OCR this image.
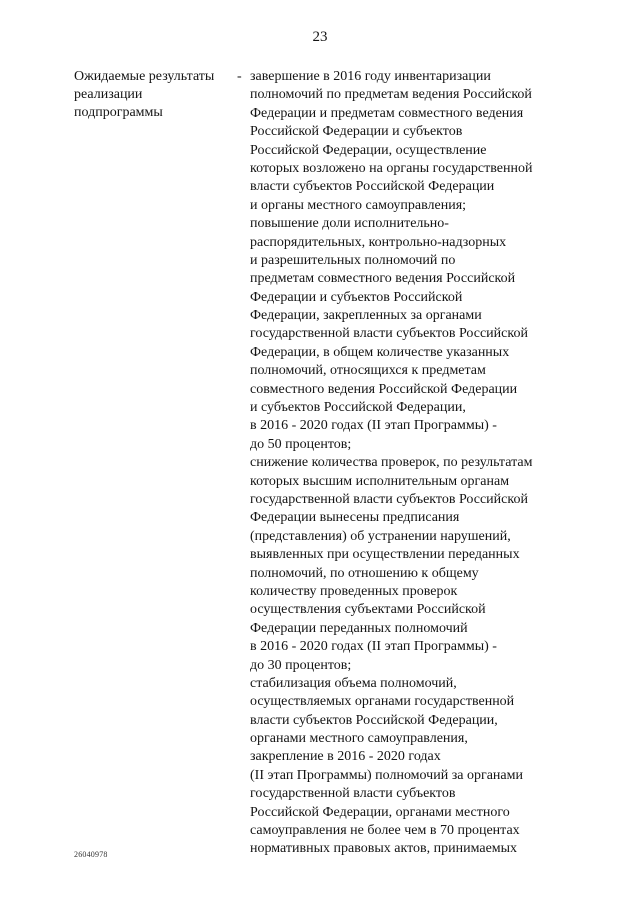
23
Ожидаемые результаты
реализации
подпрограммы
- завершение в 2016 году инвентаризации
полномочий по предметам ведения Российской
Федерации и предметам совместного ведения
Российской Федерации и субъектов
Российской Федерации, осуществление
которых возложено на органы государственной
власти субъектов Российской Федерации
и органы местного самоуправления;
повышение доли исполнительно-
распорядительных, контрольно-надзорных
и разрешительных полномочий по
предметам совместного ведения Российской
Федерации и субъектов Российской
Федерации, закрепленных за органами
государственной власти субъектов Российской
Федерации, в общем количестве указанных
полномочий, относящихся к предметам
совместного ведения Российской Федерации
и субъектов Российской Федерации,
в 2016 - 2020 годах (II этап Программы) -
до 50 процентов;
снижение количества проверок, по результатам
которых высшим исполнительным органам
государственной власти субъектов Российской
Федерации вынесены предписания
(представления) об устранении нарушений,
выявленных при осуществлении переданных
полномочий, по отношению к общему
количеству проведенных проверок
осуществления субъектами Российской
Федерации переданных полномочий
в 2016 - 2020 годах (II этап Программы) -
до 30 процентов;
стабилизация объема полномочий,
осуществляемых органами государственной
власти субъектов Российской Федерации,
органами местного самоуправления,
закрепление в 2016 - 2020 годах
(II этап Программы) полномочий за органами
государственной власти субъектов
Российской Федерации, органами местного
самоуправления не более чем в 70 процентах
нормативных правовых актов, принимаемых
26040978
